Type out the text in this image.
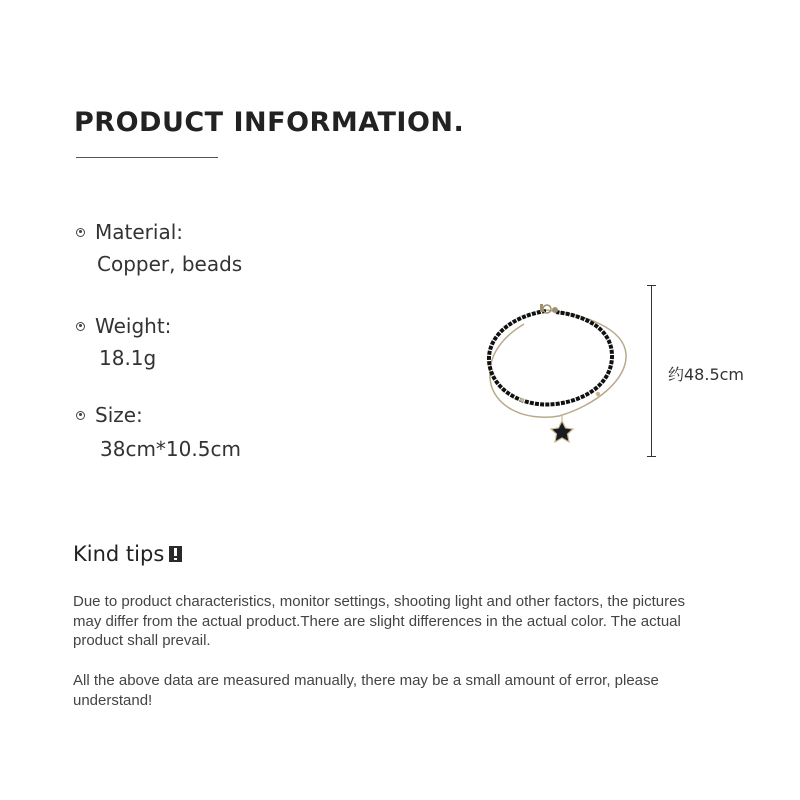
PRODUCT INFORMATION.
Material:
Copper, beads
Weight:
18.1g
Size:
38cm*10.5cm
约48.5cm
Kind tips

Due to product characteristics, monitor settings, shooting light and other factors, the pictures may differ from the actual product.There are slight differences in the actual color. The actual product shall prevail.

All the above data are measured manually, there may be a small amount of error, please understand!
